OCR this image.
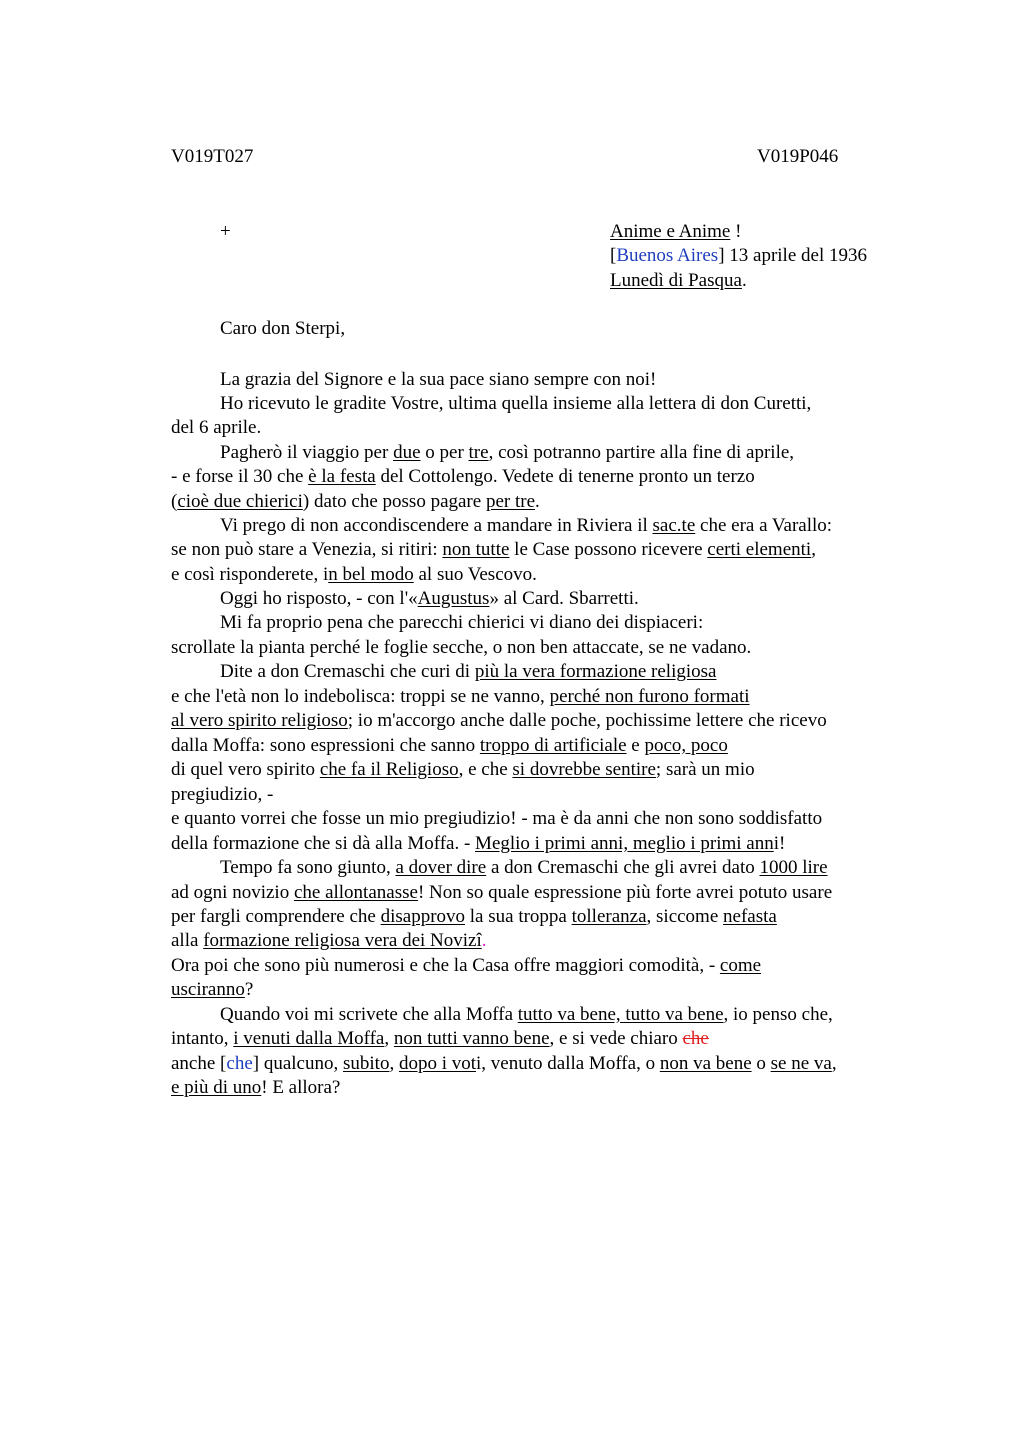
V019T027	V019P046
+	Anime e Anime !
[Buenos Aires] 13 aprile del 1936
Lunedì di Pasqua.
Caro don Sterpi,
La grazia del Signore e la sua pace siano sempre con noi!
Ho ricevuto le gradite Vostre, ultima quella insieme alla lettera di don Curetti,
del 6 aprile.
Pagherò il viaggio per due o per tre, così potranno partire alla fine di aprile,
- e forse il 30 che è la festa del Cottolengo. Vedete di tenerne pronto un terzo
(cioè due chierici) dato che posso pagare per tre.
Vi prego di non accondiscendere a mandare in Riviera il sac.te che era a Varallo:
se non può stare a Venezia, si ritiri: non tutte le Case possono ricevere certi elementi,
e così risponderete, in bel modo al suo Vescovo.
Oggi ho risposto, - con l'«Augustus» al Card. Sbarretti.
Mi fa proprio pena che parecchi chierici vi diano dei dispiaceri:
scrollate la pianta perché le foglie secche, o non ben attaccate, se ne vadano.
Dite a don Cremaschi che curi di più la vera formazione religiosa
e che l'età non lo indebolisca: troppi se ne vanno, perché non furono formati
al vero spirito religioso; io m'accorgo anche dalle poche, pochissime lettere che ricevo
dalla Moffa: sono espressioni che sanno troppo di artificiale e poco, poco
di quel vero spirito che fa il Religioso, e che si dovrebbe sentire; sarà un mio
pregiudizio, -
e quanto vorrei che fosse un mio pregiudizio! - ma è da anni che non sono soddisfatto
della formazione che si dà alla Moffa. - Meglio i primi anni, meglio i primi anni!
Tempo fa sono giunto, a dover dire a don Cremaschi che gli avrei dato 1000 lire
ad ogni novizio che allontanasse! Non so quale espressione più forte avrei potuto usare
per fargli comprendere che disapprovo la sua troppa tolleranza, siccome nefasta
alla formazione religiosa vera dei Novizi.
Ora poi che sono più numerosi e che la Casa offre maggiori comodità, - come
usciranno?
Quando voi mi scrivete che alla Moffa tutto va bene, tutto va bene, io penso che,
intanto, i venuti dalla Moffa, non tutti vanno bene, e si vede chiaro che
anche [che] qualcuno, subito, dopo i voti, venuto dalla Moffa, o non va bene o se ne va,
e più di uno! E allora?
